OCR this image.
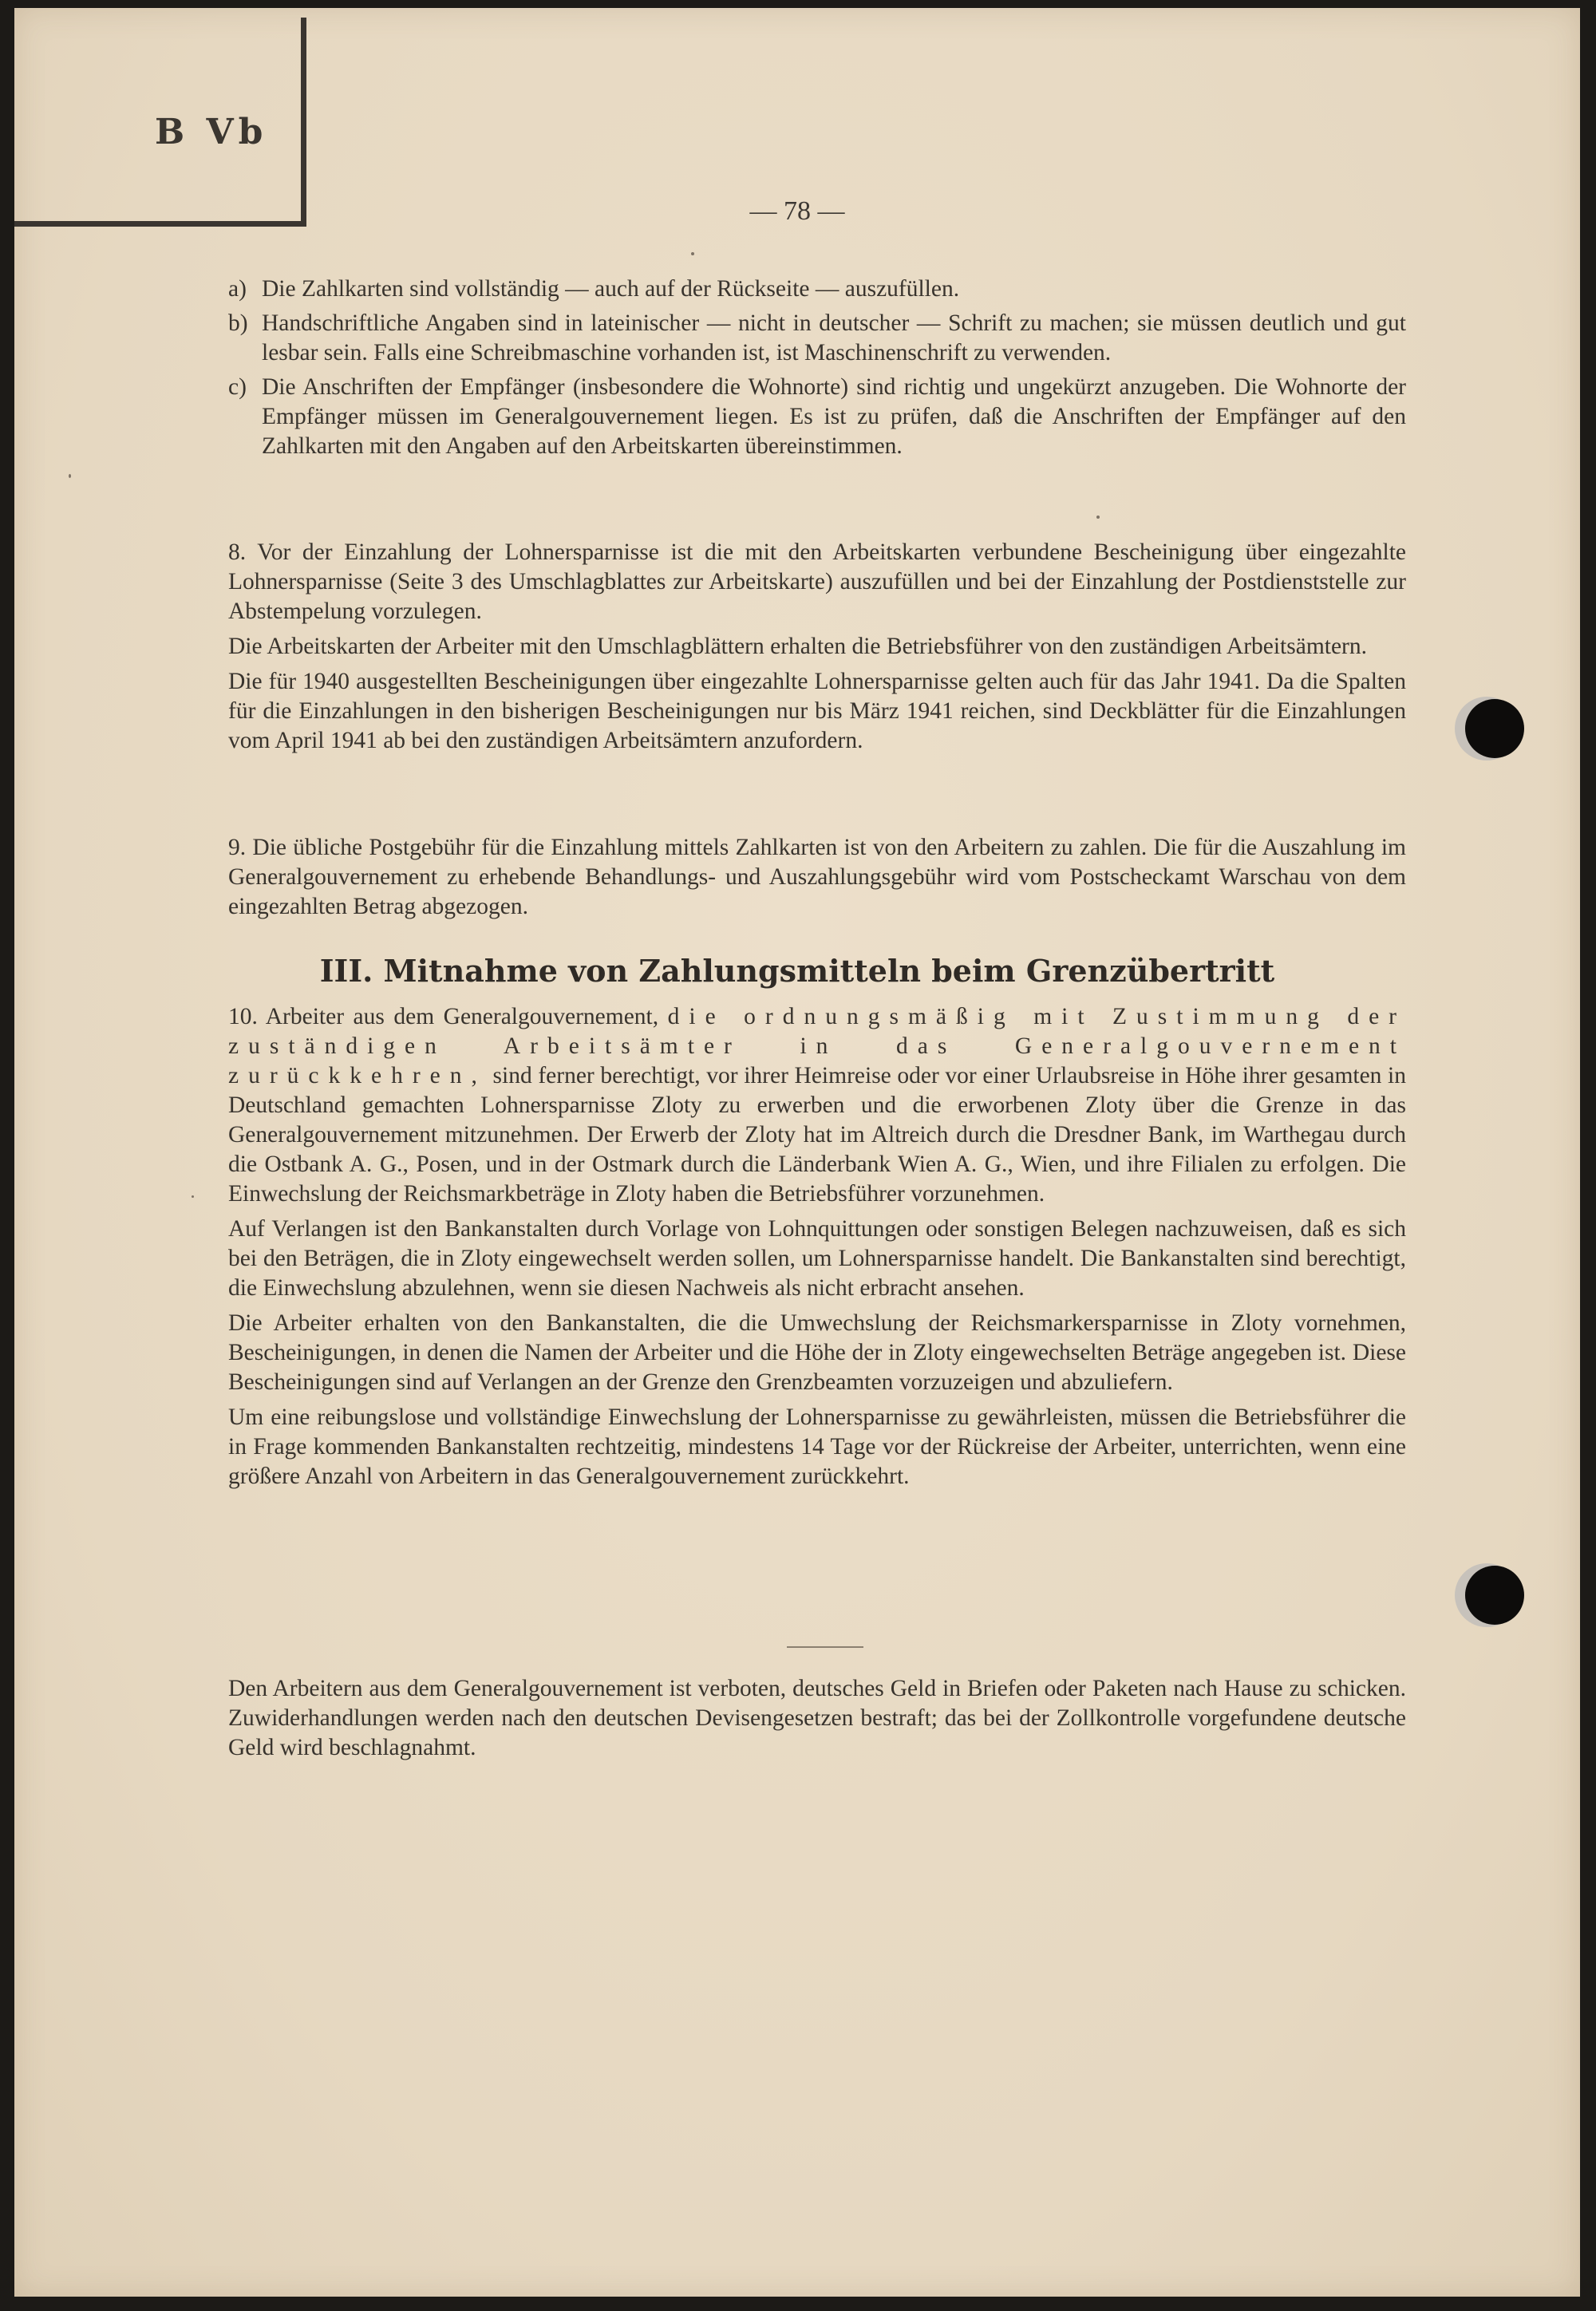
B Vb
— 78 —
a) Die Zahlkarten sind vollständig — auch auf der Rückseite — auszufüllen.
b) Handschriftliche Angaben sind in lateinischer — nicht in deutscher — Schrift zu machen; sie müssen deutlich und gut lesbar sein. Falls eine Schreibmaschine vorhanden ist, ist Maschinenschrift zu verwenden.
c) Die Anschriften der Empfänger (insbesondere die Wohnorte) sind richtig und ungekürzt anzugeben. Die Wohnorte der Empfänger müssen im Generalgouvernement liegen. Es ist zu prüfen, daß die Anschriften der Empfänger auf den Zahlkarten mit den Angaben auf den Arbeitskarten übereinstimmen.

8. Vor der Einzahlung der Lohnersparnisse ist die mit den Arbeitskarten verbundene Bescheinigung über eingezahlte Lohnersparnisse (Seite 3 des Umschlagblattes zur Arbeitskarte) auszufüllen und bei der Einzahlung der Postdienststelle zur Abstempelung vorzulegen.

Die Arbeitskarten der Arbeiter mit den Umschlagblättern erhalten die Betriebsführer von den zuständigen Arbeitsämtern.

Die für 1940 ausgestellten Bescheinigungen über eingezahlte Lohnersparnisse gelten auch für das Jahr 1941. Da die Spalten für die Einzahlungen in den bisherigen Bescheinigungen nur bis März 1941 reichen, sind Deckblätter für die Einzahlungen vom April 1941 ab bei den zuständigen Arbeitsämtern anzufordern.

9. Die übliche Postgebühr für die Einzahlung mittels Zahlkarten ist von den Arbeitern zu zahlen. Die für die Auszahlung im Generalgouvernement zu erhebende Behandlungs- und Auszahlungsgebühr wird vom Postscheckamt Warschau von dem eingezahlten Betrag abgezogen.

III. Mitnahme von Zahlungsmitteln beim Grenzübertritt

10. Arbeiter aus dem Generalgouvernement, die ordnungsmäßig mit Zustimmung der zuständigen Arbeitsämter in das Generalgouvernement zurückkehren, sind ferner berechtigt, vor ihrer Heimreise oder vor einer Urlaubsreise in Höhe ihrer gesamten in Deutschland gemachten Lohnersparnisse Zloty zu erwerben und die erworbenen Zloty über die Grenze in das Generalgouvernement mitzunehmen. Der Erwerb der Zloty hat im Altreich durch die Dresdner Bank, im Warthegau durch die Ostbank A. G., Posen, und in der Ostmark durch die Länderbank Wien A. G., Wien, und ihre Filialen zu erfolgen. Die Einwechslung der Reichsmarkbeträge in Zloty haben die Betriebsführer vorzunehmen.

Auf Verlangen ist den Bankanstalten durch Vorlage von Lohnquittungen oder sonstigen Belegen nachzuweisen, daß es sich bei den Beträgen, die in Zloty eingewechselt werden sollen, um Lohnersparnisse handelt. Die Bankanstalten sind berechtigt, die Einwechslung abzulehnen, wenn sie diesen Nachweis als nicht erbracht ansehen.

Die Arbeiter erhalten von den Bankanstalten, die die Umwechslung der Reichsmarkersparnisse in Zloty vornehmen, Bescheinigungen, in denen die Namen der Arbeiter und die Höhe der in Zloty eingewechselten Beträge angegeben ist. Diese Bescheinigungen sind auf Verlangen an der Grenze den Grenzbeamten vorzuzeigen und abzuliefern.

Um eine reibungslose und vollständige Einwechslung der Lohnersparnisse zu gewährleisten, müssen die Betriebsführer die in Frage kommenden Bankanstalten rechtzeitig, mindestens 14 Tage vor der Rückreise der Arbeiter, unterrichten, wenn eine größere Anzahl von Arbeitern in das Generalgouvernement zurückkehrt.

Den Arbeitern aus dem Generalgouvernement ist verboten, deutsches Geld in Briefen oder Paketen nach Hause zu schicken. Zuwiderhandlungen werden nach den deutschen Devisengesetzen bestraft; das bei der Zollkontrolle vorgefundene deutsche Geld wird beschlagnahmt.
